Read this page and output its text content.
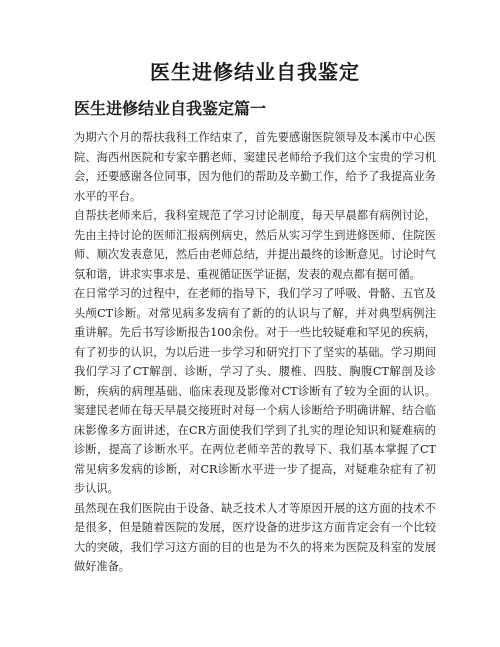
医生进修结业自我鉴定
医生进修结业自我鉴定篇一

为期六个月的帮扶我科工作结束了，首先要感谢医院领导及本溪市中心医院、海西州医院和专家辛鹏老师、窦建民老师给予我们这个宝贵的学习机会，还要感谢各位同事，因为他们的帮助及辛勤工作，给予了我提高业务水平的平台。

自帮扶老师来后，我科室规范了学习讨论制度，每天早晨都有病例讨论，先由主持讨论的医师汇报病例病史，然后从实习学生到进修医师、住院医师、顺次发表意见，然后由老师总结，并提出最终的诊断意见。讨论时气氛和谐，讲求实事求是、重视循证医学证据，发表的观点都有据可循。

在日常学习的过程中，在老师的指导下，我们学习了呼吸、骨骼、五官及头颅CT诊断。对常见病多发病有了新的的认识与了解，并对典型病例注重讲解。先后书写诊断报告100余份。对于一些比较疑难和罕见的疾病，有了初步的认识，为以后进一步学习和研究打下了坚实的基础。学习期间我们学习了CT解剖、诊断，学习了头、腰椎、四肢、胸腹CT解剖及诊断，疾病的病理基础、临床表现及影像对CT诊断有了较为全面的认识。窦建民老师在每天早晨交接班时对每一个病人诊断给予明确讲解、结合临床影像多方面讲述，在CR方面使我们学到了扎实的理论知识和疑难病的诊断，提高了诊断水平。在两位老师辛苦的教导下、我们基本掌握了CT常见病多发病的诊断，对CR诊断水平进一步了提高，对疑难杂症有了初步认识。

虽然现在我们医院由于设备、缺乏技术人才等原因开展的这方面的技术不是很多，但是随着医院的发展，医疗设备的进步这方面肯定会有一个比较大的突破，我们学习这方面的目的也是为不久的将来为医院及科室的发展做好准备。
